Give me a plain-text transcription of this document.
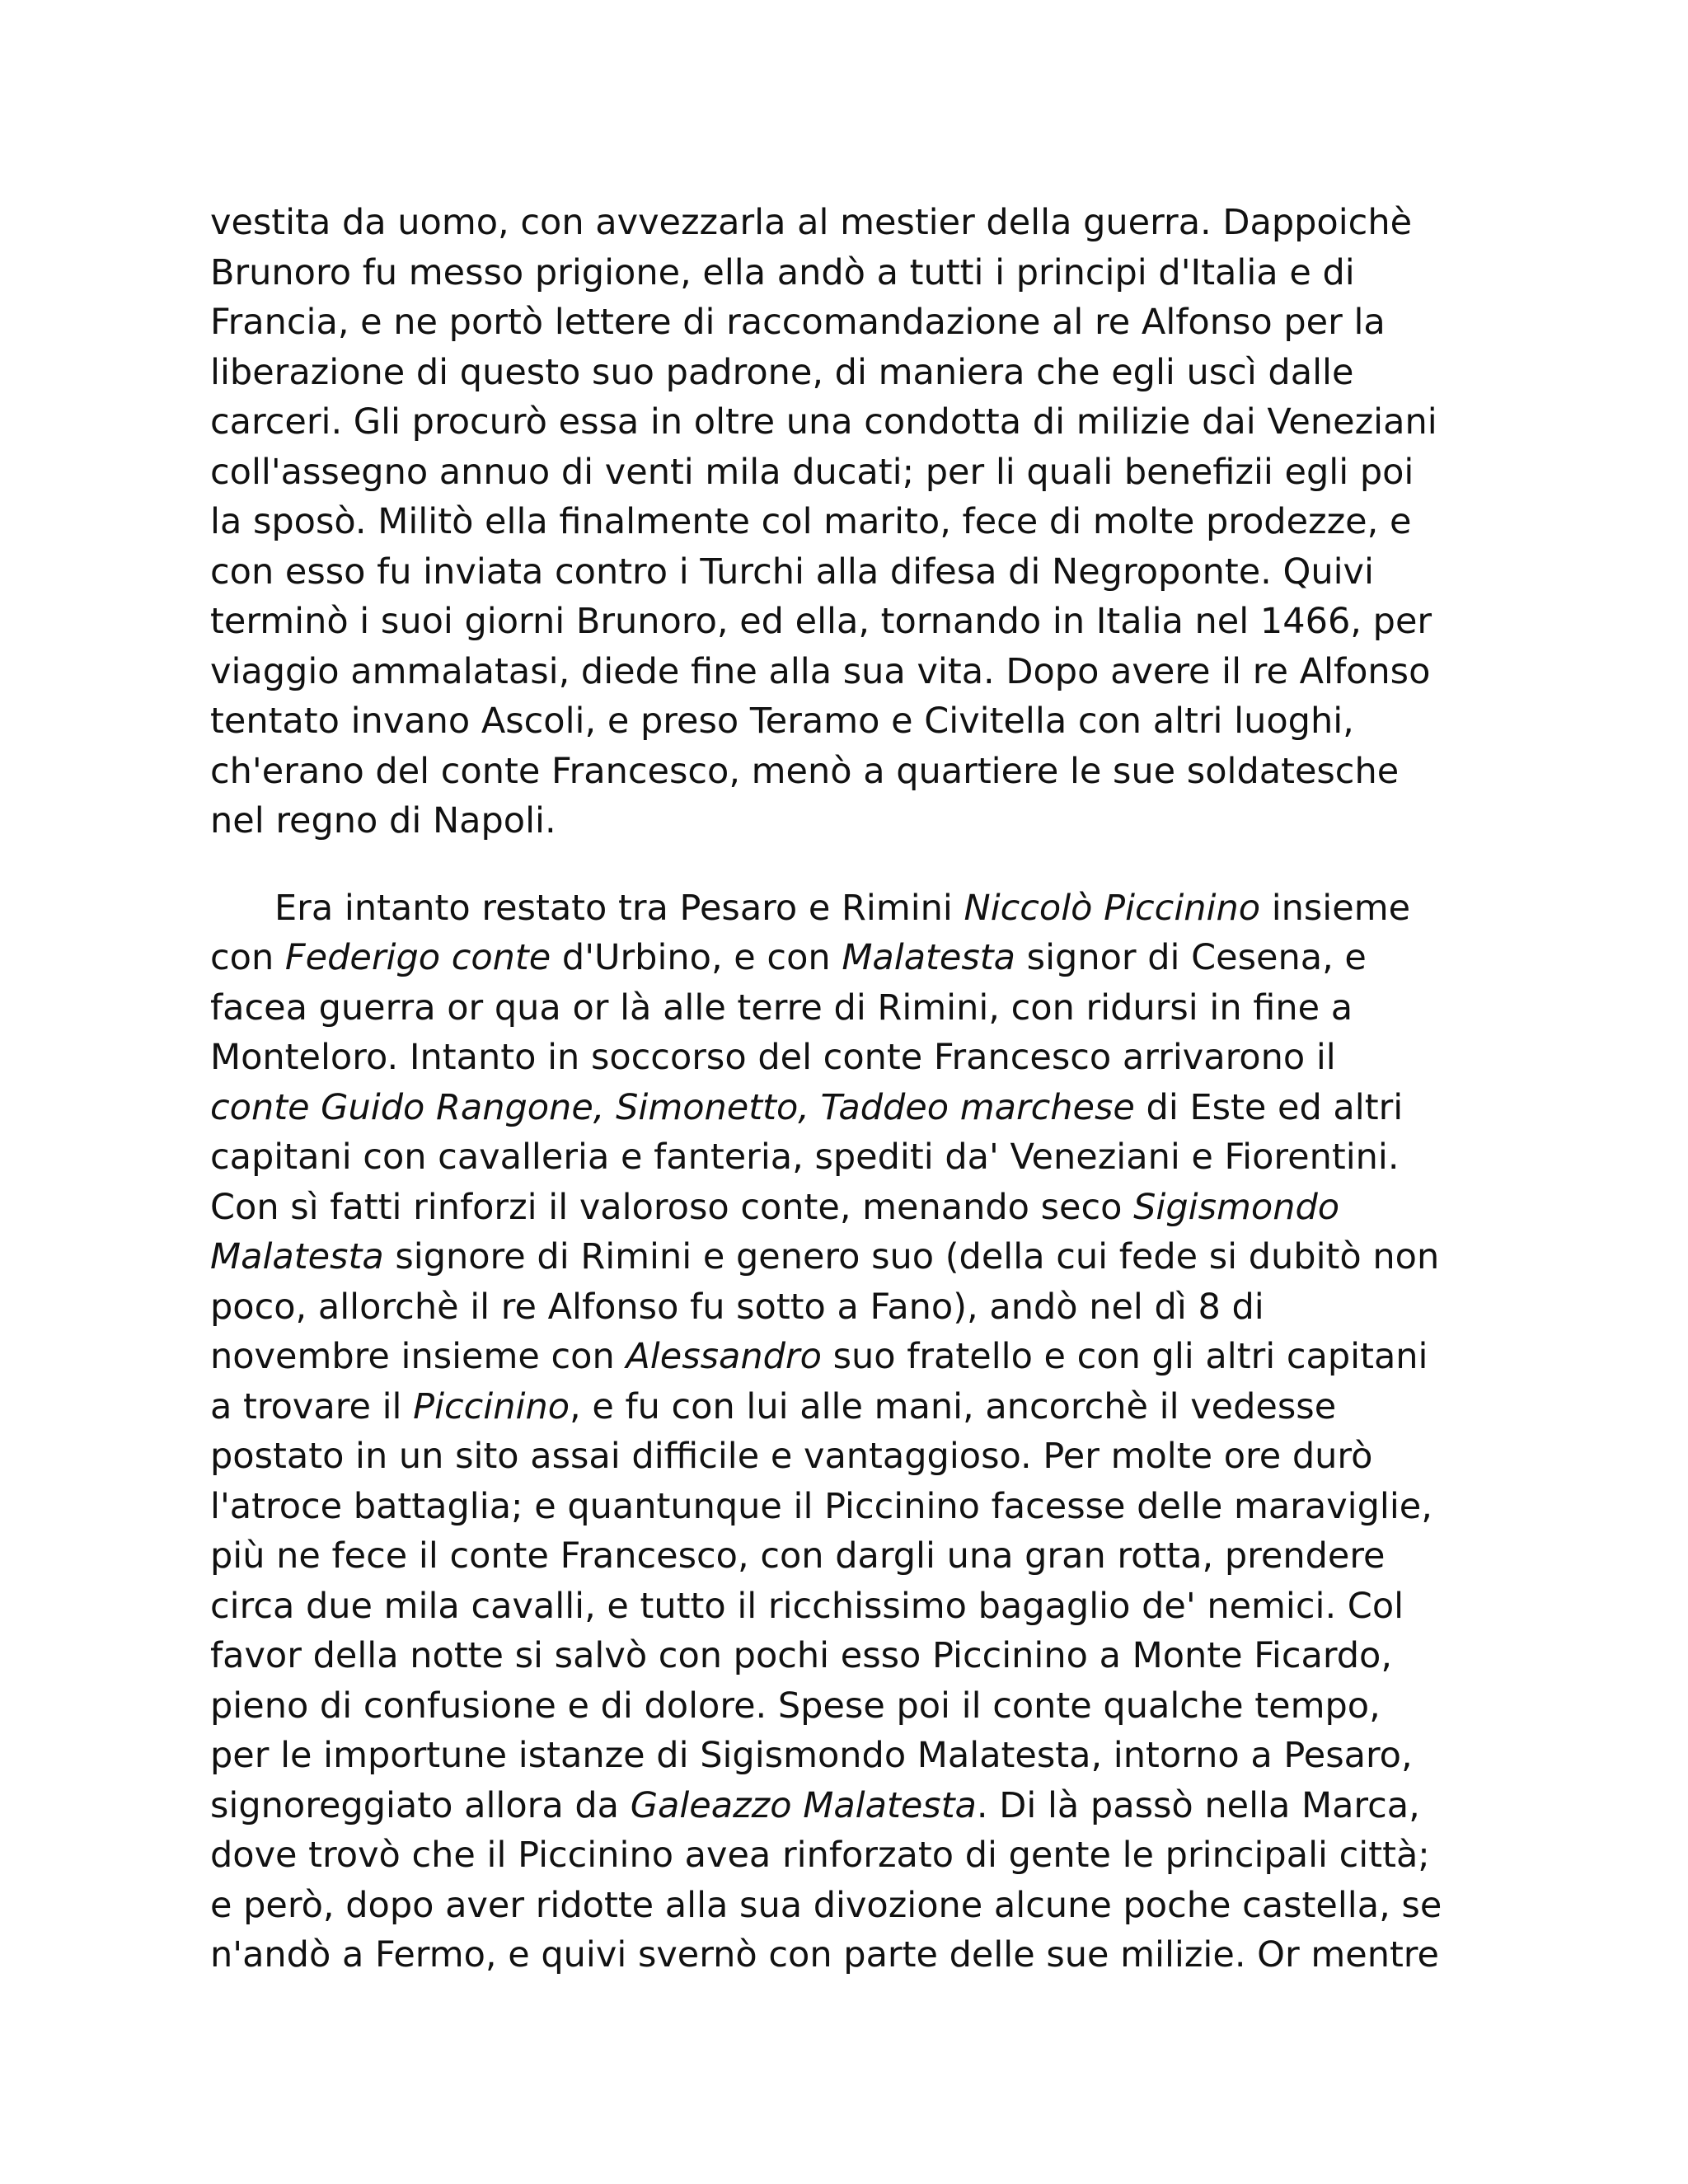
vestita da uomo, con avvezzarla al mestier della guerra. Dappoichè
Brunoro fu messo prigione, ella andò a tutti i principi d'Italia e di
Francia, e ne portò lettere di raccomandazione al re Alfonso per la
liberazione di questo suo padrone, di maniera che egli uscì dalle
carceri. Gli procurò essa in oltre una condotta di milizie dai Veneziani
coll'assegno annuo di venti mila ducati; per li quali benefizii egli poi
la sposò. Militò ella finalmente col marito, fece di molte prodezze, e
con esso fu inviata contro i Turchi alla difesa di Negroponte. Quivi
terminò i suoi giorni Brunoro, ed ella, tornando in Italia nel 1466, per
viaggio ammalatasi, diede fine alla sua vita. Dopo avere il re Alfonso
tentato invano Ascoli, e preso Teramo e Civitella con altri luoghi,
ch'erano del conte Francesco, menò a quartiere le sue soldatesche
nel regno di Napoli.
Era intanto restato tra Pesaro e Rimini Niccolò Piccinino insieme
con Federigo conte d'Urbino, e con Malatesta signor di Cesena, e
facea guerra or qua or là alle terre di Rimini, con ridursi in fine a
Monteloro. Intanto in soccorso del conte Francesco arrivarono il
conte Guido Rangone, Simonetto, Taddeo marchese di Este ed altri
capitani con cavalleria e fanteria, spediti da' Veneziani e Fiorentini.
Con sì fatti rinforzi il valoroso conte, menando seco Sigismondo
Malatesta signore di Rimini e genero suo (della cui fede si dubitò non
poco, allorchè il re Alfonso fu sotto a Fano), andò nel dì 8 di
novembre insieme con Alessandro suo fratello e con gli altri capitani
a trovare il Piccinino, e fu con lui alle mani, ancorchè il vedesse
postato in un sito assai difficile e vantaggioso. Per molte ore durò
l'atroce battaglia; e quantunque il Piccinino facesse delle maraviglie,
più ne fece il conte Francesco, con dargli una gran rotta, prendere
circa due mila cavalli, e tutto il ricchissimo bagaglio de' nemici. Col
favor della notte si salvò con pochi esso Piccinino a Monte Ficardo,
pieno di confusione e di dolore. Spese poi il conte qualche tempo,
per le importune istanze di Sigismondo Malatesta, intorno a Pesaro,
signoreggiato allora da Galeazzo Malatesta. Di là passò nella Marca,
dove trovò che il Piccinino avea rinforzato di gente le principali città;
e però, dopo aver ridotte alla sua divozione alcune poche castella, se
n'andò a Fermo, e quivi svernò con parte delle sue milizie. Or mentre
